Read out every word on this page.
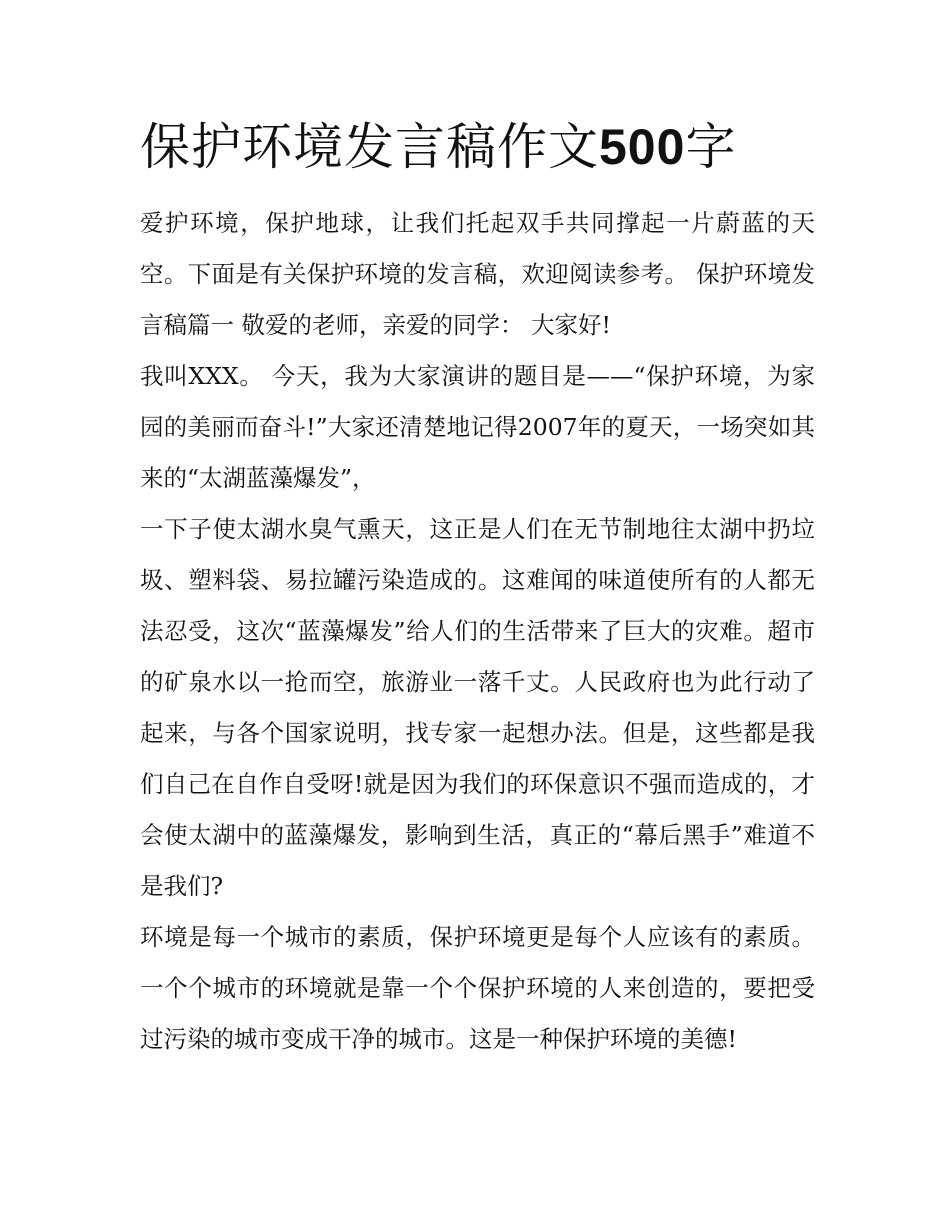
保护环境发言稿作文500字

爱护环境，保护地球，让我们托起双手共同撑起一片蔚蓝的天空。下面是有关保护环境的发言稿，欢迎阅读参考。 保护环境发言稿篇一 敬爱的老师，亲爱的同学： 大家好!

我叫XXX。 今天，我为大家演讲的题目是——“保护环境，为家园的美丽而奋斗!”大家还清楚地记得2007年的夏天，一场突如其来的“太湖蓝藻爆发”，

一下子使太湖水臭气熏天，这正是人们在无节制地往太湖中扔垃圾、塑料袋、易拉罐污染造成的。这难闻的味道使所有的人都无法忍受，这次“蓝藻爆发”给人们的生活带来了巨大的灾难。超市的矿泉水以一抢而空，旅游业一落千丈。人民政府也为此行动了起来，与各个国家说明，找专家一起想办法。但是，这些都是我们自己在自作自受呀!就是因为我们的环保意识不强而造成的，才会使太湖中的蓝藻爆发，影响到生活，真正的“幕后黑手”难道不是我们?

环境是每一个城市的素质，保护环境更是每个人应该有的素质。一个个城市的环境就是靠一个个保护环境的人来创造的，要把受过污染的城市变成干净的城市。这是一种保护环境的美德!
